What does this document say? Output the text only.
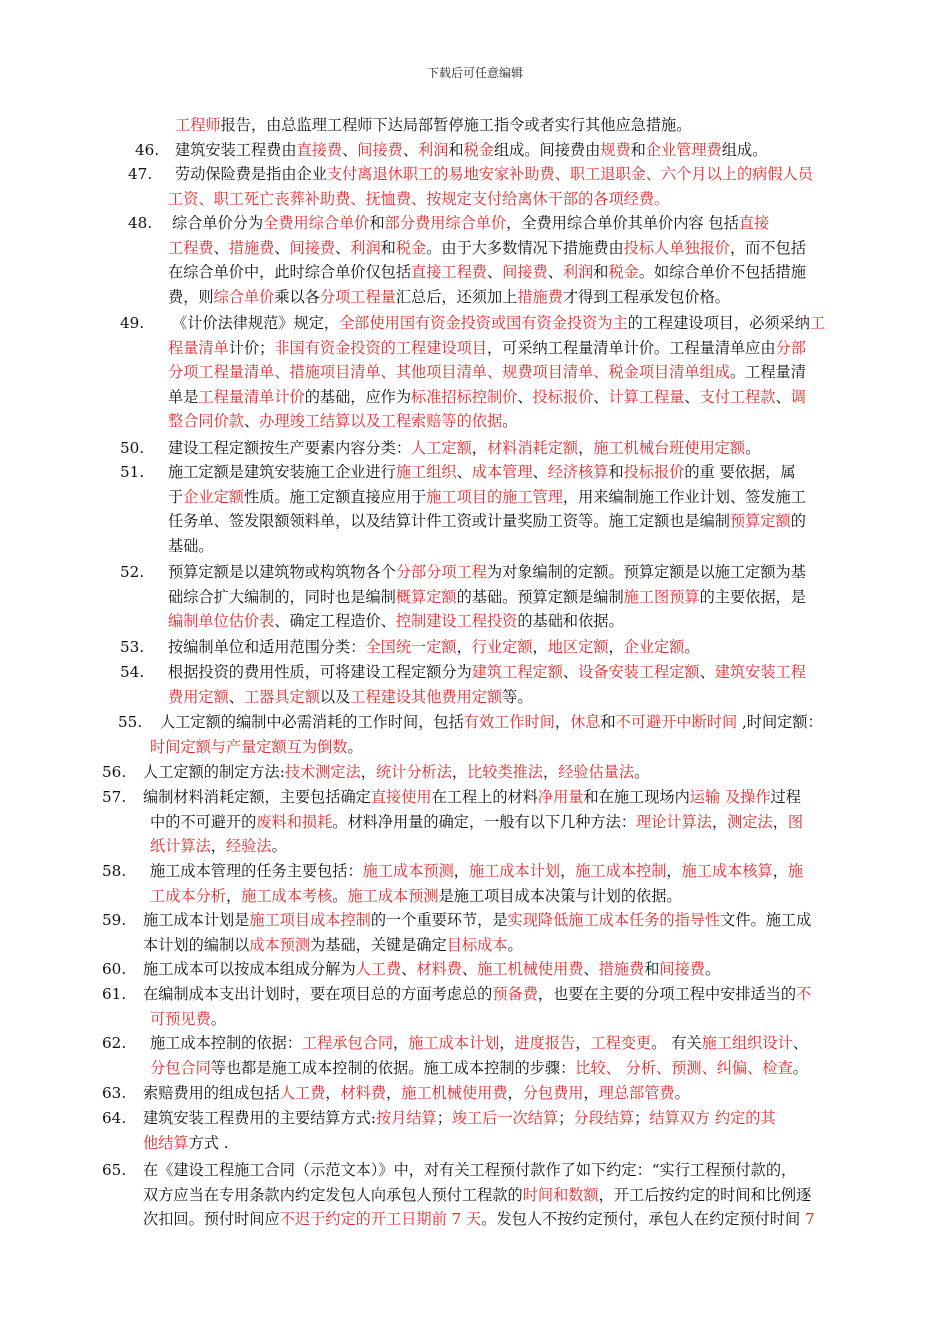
下载后可任意编辑
工程师报告，由总监理工程师下达局部暂停施工指令或者实行其他应急措施。
46. 建筑安装工程费由直接费、间接费、利润和税金组成。间接费由规费和企业管理费组成。
47. 劳动保险费是指由企业支付离退休职工的易地安家补助费、职工退职金、六个月以上的病假人员
工资、职工死亡丧葬补助费、抚恤费、按规定支付给离休干部的各项经费。
48. 综合单价分为全费用综合单价和部分费用综合单价，全费用综合单价其单价内容 包括直接
工程费、措施费、间接费、利润和税金。由于大多数情况下措施费由投标人单独报价，而不包括
在综合单价中，此时综合单价仅包括直接工程费、间接费、利润和税金。如综合单价不包括措施
费，则综合单价乘以各分项工程量汇总后，还须加上措施费才得到工程承发包价格。
49. 《计价法律规范》规定，全部使用国有资金投资或国有资金投资为主的工程建设项目，必须采纳工
程量清单计价；非国有资金投资的工程建设项目，可采纳工程量清单计价。工程量清单应由分部
分项工程量清单、措施项目清单、其他项目清单、规费项目清单、税金项目清单组成。工程量清
单是工程量清单计价的基础，应作为标准招标控制价、投标报价、计算工程量、支付工程款、调
整合同价款、办理竣工结算以及工程索赔等的依据。
50. 建设工程定额按生产要素内容分类：人工定额，材料消耗定额，施工机械台班使用定额。
51. 施工定额是建筑安装施工企业进行施工组织、成本管理、经济核算和投标报价的重 要依据，属
于企业定额性质。施工定额直接应用于施工项目的施工管理，用来编制施工作业计划、签发施工
任务单、签发限额领料单，以及结算计件工资或计量奖励工资等。施工定额也是编制预算定额的
基础。
52. 预算定额是以建筑物或构筑物各个分部分项工程为对象编制的定额。预算定额是以施工定额为基
础综合扩大编制的，同时也是编制概算定额的基础。预算定额是编制施工图预算的主要依据，是
编制单位估价表、确定工程造价、控制建设工程投资的基础和依据。
53. 按编制单位和适用范围分类：全国统一定额，行业定额，地区定额，企业定额。
54. 根据投资的费用性质，可将建设工程定额分为建筑工程定额、设备安装工程定额、建筑安装工程
费用定额、工器具定额以及工程建设其他费用定额等。
55. 人工定额的编制中必需消耗的工作时间，包括有效工作时间，休息和不可避开中断时间 ,时间定额：
时间定额与产量定额互为倒数。
56. 人工定额的制定方法:技术测定法，统计分析法，比较类推法，经验估量法。
57. 编制材料消耗定额，主要包括确定直接使用在工程上的材料净用量和在施工现场内运输 及操作过程
中的不可避开的废料和损耗。材料净用量的确定，一般有以下几种方法：理论计算法，测定法，图
纸计算法，经验法。
58. 施工成本管理的任务主要包括：施工成本预测，施工成本计划，施工成本控制，施工成本核算，施
工成本分析，施工成本考核。施工成本预测是施工项目成本决策与计划的依据。
59. 施工成本计划是施工项目成本控制的一个重要环节，是实现降低施工成本任务的指导性文件。施工成
本计划的编制以成本预测为基础，关键是确定目标成本。
60. 施工成本可以按成本组成分解为人工费、材料费、施工机械使用费、措施费和间接费。
61. 在编制成本支出计划时，要在项目总的方面考虑总的预备费，也要在主要的分项工程中安排适当的不
可预见费。
62. 施工成本控制的依据：工程承包合同，施工成本计划，进度报告，工程变更。 有关施工组织设计、
分包合同等也都是施工成本控制的依据。施工成本控制的步骤：比较、 分析、预测、纠偏、检查。
63. 索赔费用的组成包括人工费，材料费，施工机械使用费，分包费用，理总部管费。
64. 建筑安装工程费用的主要结算方式:按月结算；竣工后一次结算；分段结算；结算双方 约定的其
他结算方式 .
65. 在《建设工程施工合同（示范文本）》中，对有关工程预付款作了如下约定：“实行工程预付款的，
双方应当在专用条款内约定发包人向承包人预付工程款的时间和数额，开工后按约定的时间和比例逐
次扣回。预付时间应不迟于约定的开工日期前 7 天。发包人不按约定预付，承包人在约定预付时间 7
